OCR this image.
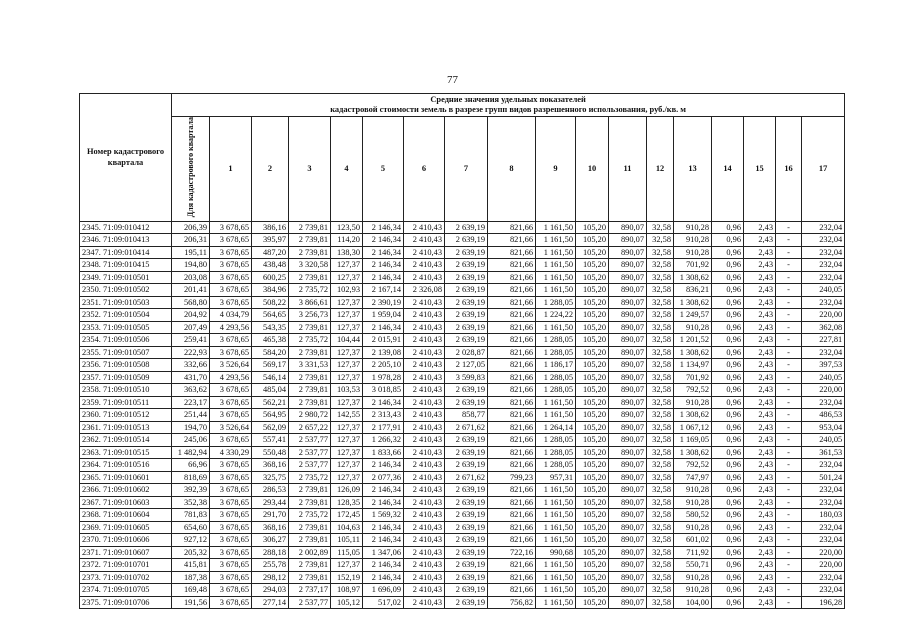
77
Номер кадастрового квартала	Средние значения удельных показателей
кадастровой стоимости земель в разрезе групп видов разрешенного использования, руб./кв. м																	

	Для кадастрового квартала	1	2	3	4	5	6	7	8	9	10	11	12	13	14	15	16	17
2345. 71:09:010412	206,39	3 678,65	386,16	2 739,81	123,50	2 146,34	2 410,43	2 639,19	821,66	1 161,50	105,20	890,07	32,58	910,28	0,96	2,43	-	232,04
2346. 71:09:010413	206,31	3 678,65	395,97	2 739,81	114,20	2 146,34	2 410,43	2 639,19	821,66	1 161,50	105,20	890,07	32,58	910,28	0,96	2,43	-	232,04
2347. 71:09:010414	195,11	3 678,65	487,20	2 739,81	138,30	2 146,34	2 410,43	2 639,19	821,66	1 161,50	105,20	890,07	32,58	910,28	0,96	2,43	-	232,04
2348. 71:09:010415	194,80	3 678,65	438,48	3 320,58	127,37	2 146,34	2 410,43	2 639,19	821,66	1 161,50	105,20	890,07	32,58	701,92	0,96	2,43	-	232,04
2349. 71:09:010501	203,08	3 678,65	600,25	2 739,81	127,37	2 146,34	2 410,43	2 639,19	821,66	1 161,50	105,20	890,07	32,58	1 308,62	0,96	2,43	-	232,04
2350. 71:09:010502	201,41	3 678,65	384,96	2 735,72	102,93	2 167,14	2 326,08	2 639,19	821,66	1 161,50	105,20	890,07	32,58	836,21	0,96	2,43	-	240,05
2351. 71:09:010503	568,80	3 678,65	508,22	3 866,61	127,37	2 390,19	2 410,43	2 639,19	821,66	1 288,05	105,20	890,07	32,58	1 308,62	0,96	2,43	-	232,04
2352. 71:09:010504	204,92	4 034,79	564,65	3 256,73	127,37	1 959,04	2 410,43	2 639,19	821,66	1 224,22	105,20	890,07	32,58	1 249,57	0,96	2,43	-	220,00
2353. 71:09:010505	207,49	4 293,56	543,35	2 739,81	127,37	2 146,34	2 410,43	2 639,19	821,66	1 161,50	105,20	890,07	32,58	910,28	0,96	2,43	-	362,08
2354. 71:09:010506	259,41	3 678,65	465,38	2 735,72	104,44	2 015,91	2 410,43	2 639,19	821,66	1 288,05	105,20	890,07	32,58	1 201,52	0,96	2,43	-	227,81
2355. 71:09:010507	222,93	3 678,65	584,20	2 739,81	127,37	2 139,08	2 410,43	2 028,87	821,66	1 288,05	105,20	890,07	32,58	1 308,62	0,96	2,43	-	232,04
2356. 71:09:010508	332,66	3 526,64	569,17	3 331,53	127,37	2 205,10	2 410,43	2 127,05	821,66	1 186,17	105,20	890,07	32,58	1 134,97	0,96	2,43	-	397,53
2357. 71:09:010509	431,70	4 293,56	546,14	2 739,81	127,37	1 978,28	2 410,43	3 599,83	821,66	1 288,05	105,20	890,07	32,58	701,92	0,96	2,43	-	240,05
2358. 71:09:010510	363,62	3 678,65	485,04	2 739,81	103,53	3 018,85	2 410,43	2 639,19	821,66	1 288,05	105,20	890,07	32,58	792,52	0,96	2,43	-	220,00
2359. 71:09:010511	223,17	3 678,65	562,21	2 739,81	127,37	2 146,34	2 410,43	2 639,19	821,66	1 161,50	105,20	890,07	32,58	910,28	0,96	2,43	-	232,04
2360. 71:09:010512	251,44	3 678,65	564,95	2 980,72	142,55	2 313,43	2 410,43	858,77	821,66	1 161,50	105,20	890,07	32,58	1 308,62	0,96	2,43	-	486,53
2361. 71:09:010513	194,70	3 526,64	562,09	2 657,22	127,37	2 177,91	2 410,43	2 671,62	821,66	1 264,14	105,20	890,07	32,58	1 067,12	0,96	2,43	-	953,04
2362. 71:09:010514	245,06	3 678,65	557,41	2 537,77	127,37	1 266,32	2 410,43	2 639,19	821,66	1 288,05	105,20	890,07	32,58	1 169,05	0,96	2,43	-	240,05
2363. 71:09:010515	1 482,94	4 330,29	550,48	2 537,77	127,37	1 833,66	2 410,43	2 639,19	821,66	1 288,05	105,20	890,07	32,58	1 308,62	0,96	2,43	-	361,53
2364. 71:09:010516	66,96	3 678,65	368,16	2 537,77	127,37	2 146,34	2 410,43	2 639,19	821,66	1 288,05	105,20	890,07	32,58	792,52	0,96	2,43	-	232,04
2365. 71:09:010601	818,69	3 678,65	325,75	2 735,72	127,37	2 077,36	2 410,43	2 671,62	799,23	957,31	105,20	890,07	32,58	747,97	0,96	2,43	-	501,24
2366. 71:09:010602	392,39	3 678,65	286,53	2 739,81	126,09	2 146,34	2 410,43	2 639,19	821,66	1 161,50	105,20	890,07	32,58	910,28	0,96	2,43	-	232,04
2367. 71:09:010603	352,38	3 678,65	293,44	2 739,81	128,35	2 146,34	2 410,43	2 639,19	821,66	1 161,50	105,20	890,07	32,58	910,28	0,96	2,43	-	232,04
2368. 71:09:010604	781,83	3 678,65	291,70	2 735,72	172,45	1 569,32	2 410,43	2 639,19	821,66	1 161,50	105,20	890,07	32,58	580,52	0,96	2,43	-	180,03
2369. 71:09:010605	654,60	3 678,65	368,16	2 739,81	104,63	2 146,34	2 410,43	2 639,19	821,66	1 161,50	105,20	890,07	32,58	910,28	0,96	2,43	-	232,04
2370. 71:09:010606	927,12	3 678,65	306,27	2 739,81	105,11	2 146,34	2 410,43	2 639,19	821,66	1 161,50	105,20	890,07	32,58	601,02	0,96	2,43	-	232,04
2371. 71:09:010607	205,32	3 678,65	288,18	2 002,89	115,05	1 347,06	2 410,43	2 639,19	722,16	990,68	105,20	890,07	32,58	711,92	0,96	2,43	-	220,00
2372. 71:09:010701	415,81	3 678,65	255,78	2 739,81	127,37	2 146,34	2 410,43	2 639,19	821,66	1 161,50	105,20	890,07	32,58	550,71	0,96	2,43	-	220,00
2373. 71:09:010702	187,38	3 678,65	298,12	2 739,81	152,19	2 146,34	2 410,43	2 639,19	821,66	1 161,50	105,20	890,07	32,58	910,28	0,96	2,43	-	232,04
2374. 71:09:010705	169,48	3 678,65	294,03	2 737,17	108,97	1 696,09	2 410,43	2 639,19	821,66	1 161,50	105,20	890,07	32,58	910,28	0,96	2,43	-	232,04
2375. 71:09:010706	191,56	3 678,65	277,14	2 537,77	105,12	517,02	2 410,43	2 639,19	756,82	1 161,50	105,20	890,07	32,58	104,00	0,96	2,43	-	196,28
